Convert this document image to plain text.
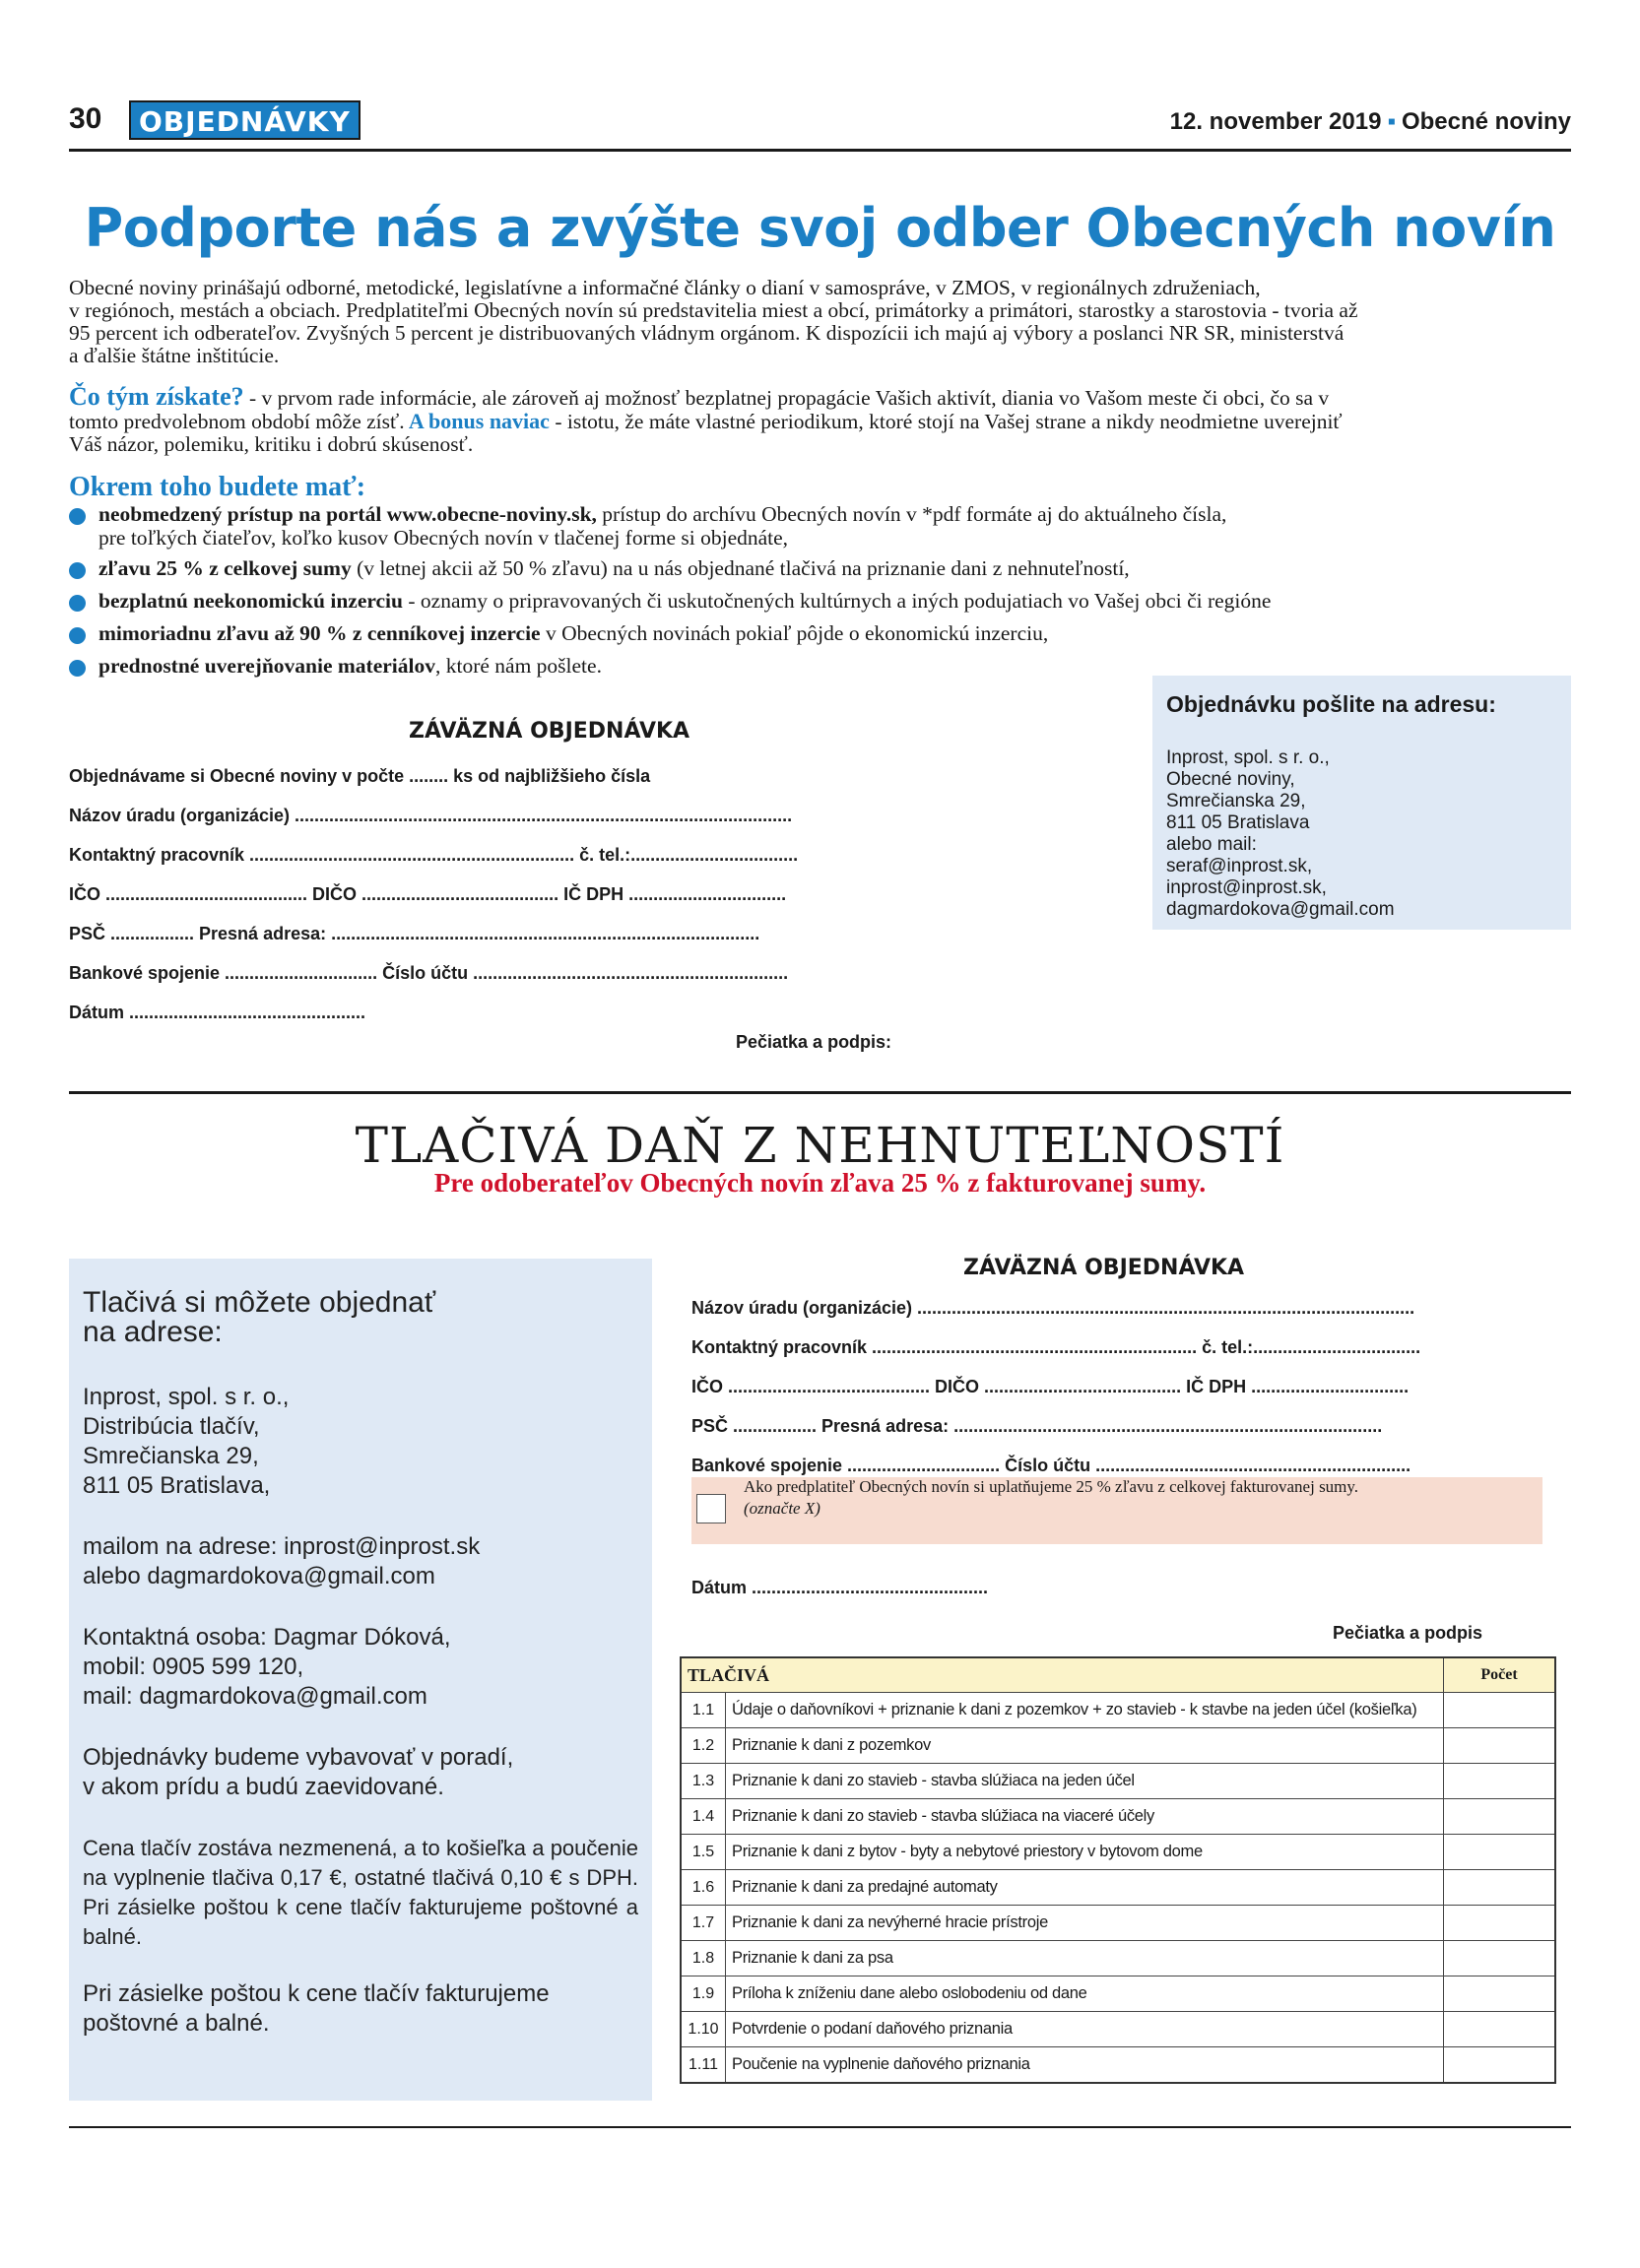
30	OBJEDNÁVKY	12. november 2019 ▪ Obecné noviny
Podporte nás a zvýšte svoj odber Obecných novín
Obecné noviny prinášajú odborné, metodické, legislatívne a informačné články o dianí v samospráve, v ZMOS, v regionálnych združeniach,
v regiónoch, mestách a obciach. Predplatiteľmi Obecných novín sú predstavitelia miest a obcí, primátorky a primátori, starostky a starostovia - tvoria až
95 percent ich odberateľov. Zvyšných 5 percent je distribuovaných vládnym orgánom. K dispozícii ich majú aj výbory a poslanci NR SR, ministerstvá
a ďalšie štátne inštitúcie.
Čo tým získate? - v prvom rade informácie, ale zároveň aj možnosť bezplatnej propagácie Vašich aktivít, diania vo Vašom meste či obci, čo sa v
tomto predvolebnom období môže zísť. A bonus naviac - istotu, že máte vlastné periodikum, ktoré stojí na Vašej strane a nikdy neodmietne uverejniť
Váš názor, polemiku, kritiku i dobrú skúsenosť.
Okrem toho budete mať:
neobmedzený prístup na portál www.obecne-noviny.sk, prístup do archívu Obecných novín v *pdf formáte aj do aktuálneho čísla,
pre toľkých čiateľov, koľko kusov Obecných novín v tlačenej forme si objednáte,
zľavu 25 % z celkovej sumy (v letnej akcii až 50 % zľavu) na u nás objednané tlačivá na priznanie dani z nehnuteľností,
bezplatnú neekonomickú inzerciu - oznamy o pripravovaných či uskutočnených kultúrnych a iných podujatiach vo Vašej obci či regióne
mimoriadnu zľavu až 90 % z cenníkovej inzercie v Obecných novinách pokiaľ pôjde o ekonomickú inzerciu,
prednostné uverejňovanie materiálov, ktoré nám pošlete.
ZÁVÄZNÁ OBJEDNÁVKA
Objednávame si Obecné noviny v počte ........ ks od najbližšieho čísla
Názov úradu (organizácie) .....................................................................................................
Kontaktný pracovník .................................................................. č. tel.:..................................
IČO ......................................... DIČO ........................................ IČ DPH ................................
PSČ ................. Presná adresa: .......................................................................................
Bankové spojenie ............................... Číslo účtu ................................................................
Dátum ................................................
Pečiatka a podpis:
Objednávku pošlite na adresu:
Inprost, spol. s r. o.,
Obecné noviny,
Smrečianska 29,
811 05 Bratislava
alebo mail:
seraf@inprost.sk,
inprost@inprost.sk,
dagmardokova@gmail.com
TLAČIVÁ DAŇ Z NEHNUTEĽNOSTÍ
Pre odoberateľov Obecných novín zľava 25 % z fakturovanej sumy.
Tlačivá si môžete objednať
na adrese:
Inprost, spol. s r. o.,
Distribúcia tlačív,
Smrečianska 29,
811 05 Bratislava,
mailom na adrese: inprost@inprost.sk
alebo dagmardokova@gmail.com
Kontaktná osoba: Dagmar Dóková,
mobil: 0905 599 120,
mail: dagmardokova@gmail.com
Objednávky budeme vybavovať v poradí,
v akom prídu a budú zaevidované.
Cena tlačív zostáva nezmenená, a to košieľka a poučenie na vyplnenie tlačiva 0,17 €, ostatné tlačivá 0,10 € s DPH. Pri zásielke poštou k cene tlačív fakturujeme poštovné a balné.
Pri zásielke poštou k cene tlačív fakturujeme
poštovné a balné.
ZÁVÄZNÁ OBJEDNÁVKA
Názov úradu (organizácie) .....................................................................................................
Kontaktný pracovník .................................................................. č. tel.:..................................
IČO ......................................... DIČO ........................................ IČ DPH ................................
PSČ ................. Presná adresa: .......................................................................................
Bankové spojenie ............................... Číslo účtu ................................................................
Ako predplatiteľ Obecných novín si uplatňujeme 25 % zľavu z celkovej fakturovanej sumy.
(označte X)
Dátum ................................................
Pečiatka a podpis
TLAČIVÁ		Počet
1.1	Údaje o daňovníkovi + priznanie k dani z pozemkov + zo stavieb - k stavbe na jeden účel (košieľka)	
1.2	Priznanie k dani z pozemkov	
1.3	Priznanie k dani zo stavieb - stavba slúžiaca na jeden účel	
1.4	Priznanie k dani zo stavieb - stavba slúžiaca na viaceré účely	
1.5	Priznanie k dani z bytov - byty a nebytové priestory v bytovom dome	
1.6	Priznanie k dani za predajné automaty	
1.7	Priznanie k dani za nevýherné hracie prístroje	
1.8	Priznanie k dani za psa	
1.9	Príloha k zníženiu dane alebo oslobodeniu od dane	
1.10	Potvrdenie o podaní daňového priznania	
1.11	Poučenie na vyplnenie daňového priznania	
